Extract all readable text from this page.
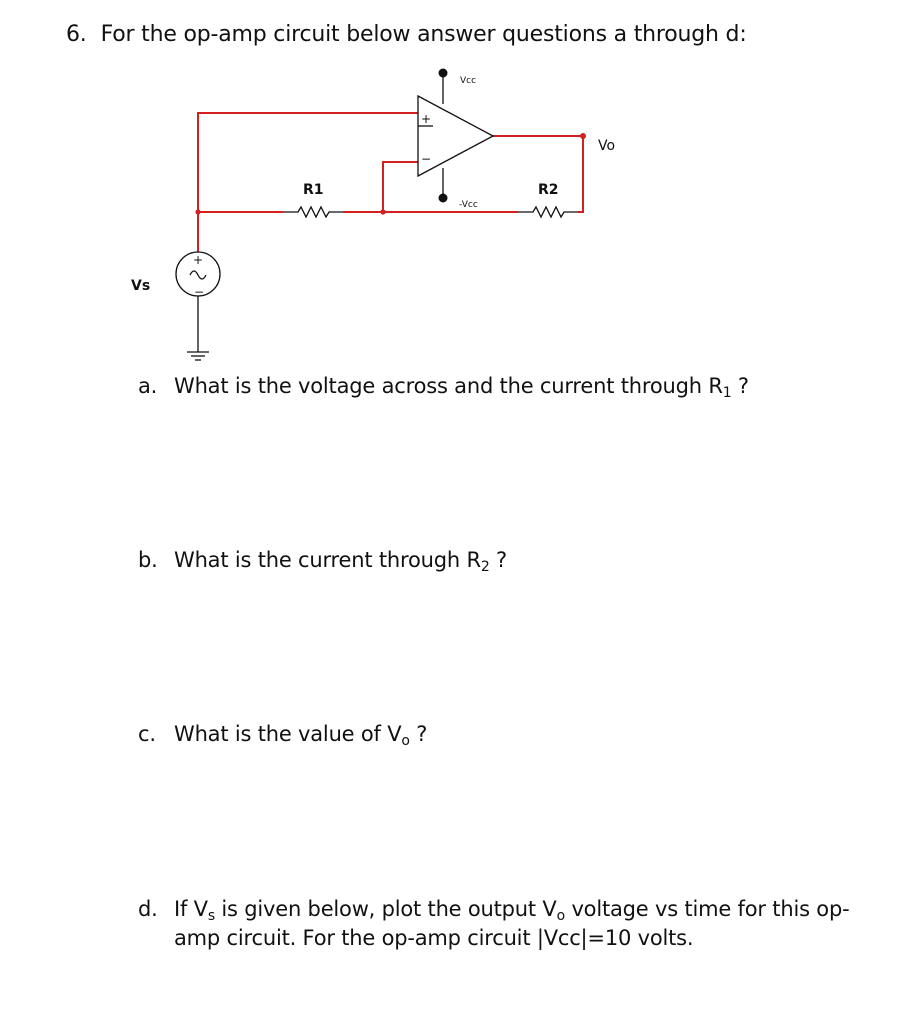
6. For the op-amp circuit below answer questions a through d:
+
−
Vcc
-Vcc
R1	R2
Vo
+
−
Vs
a. What is the voltage across and the current through $R_1$ ?
b. What is the current through $R_2$ ?
c. What is the value of $V_o$ ?
d. If $V_s$ is given below, plot the output $V_o$ voltage vs time for this op-
amp circuit. For the op-amp circuit |Vcc|=10 volts.
